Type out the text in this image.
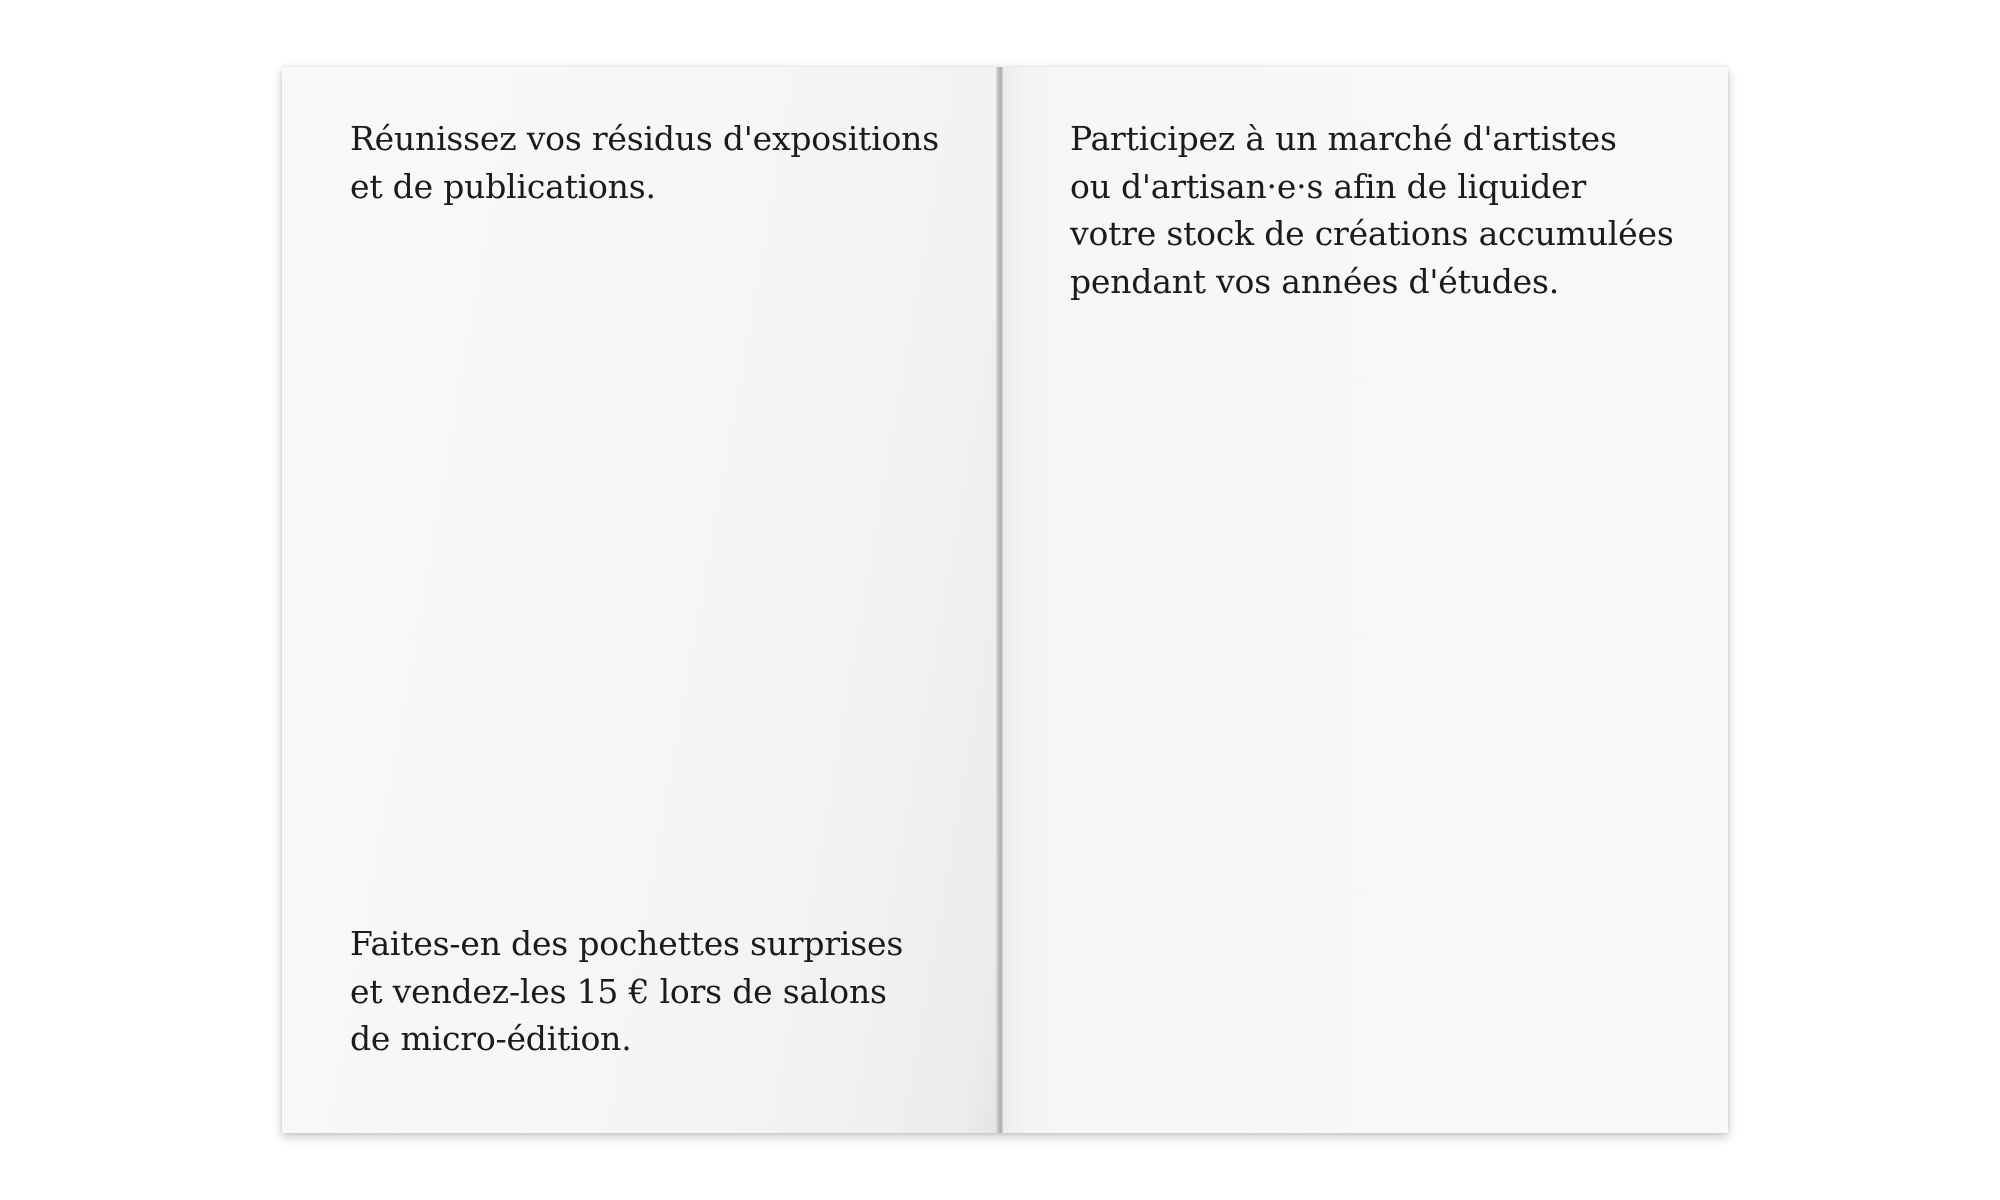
Réunissez vos résidus d'expositions
et de publications.

Faites-en des pochettes surprises
et vendez-les 15 € lors de salons
de micro-édition.

Participez à un marché d'artistes
ou d'artisan·e·s afin de liquider
votre stock de créations accumulées
pendant vos années d'études.
